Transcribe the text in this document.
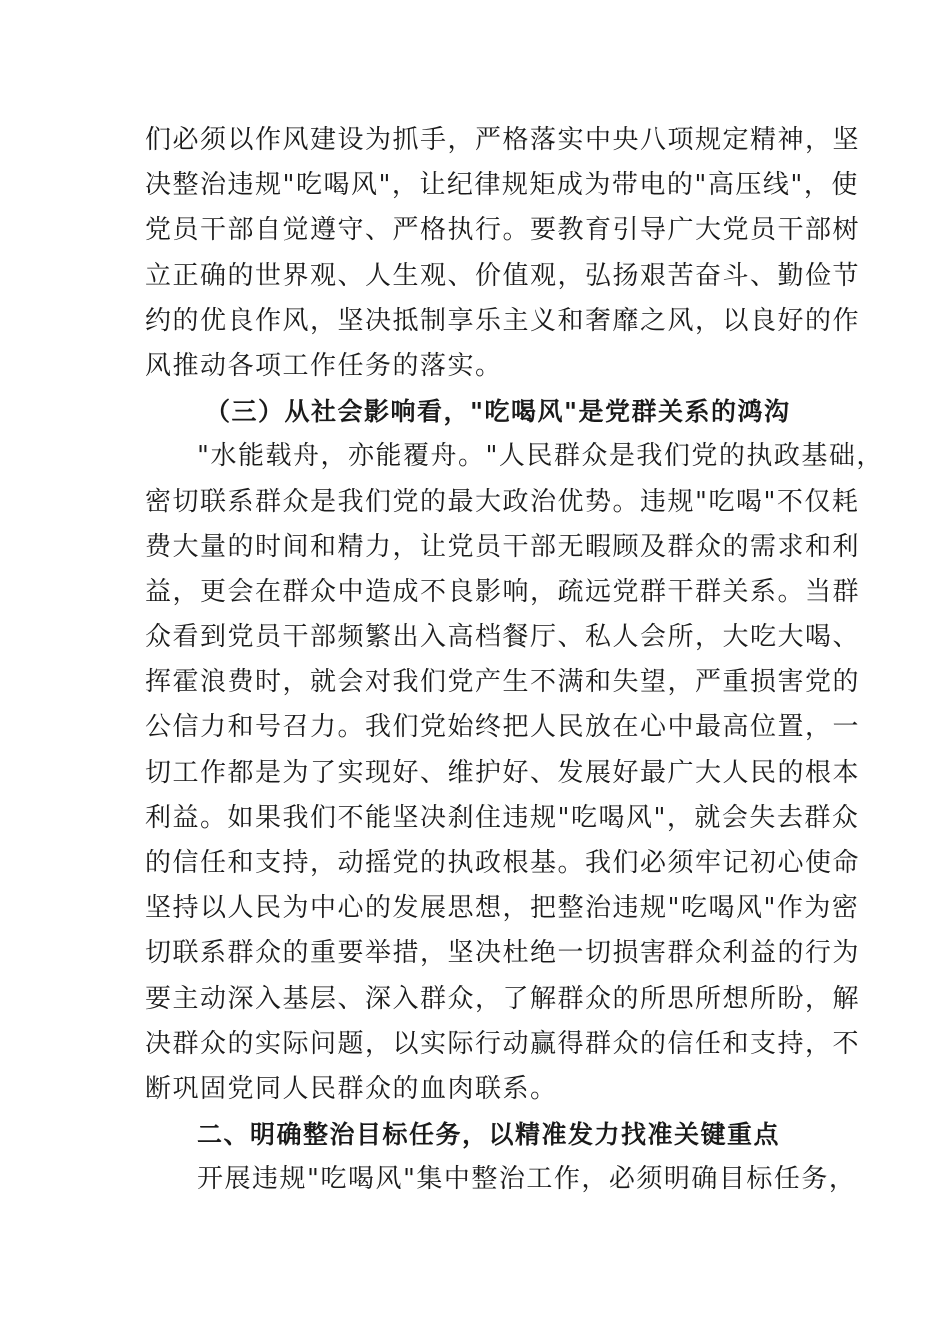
们必须以作风建设为抓手，严格落实中央八项规定精神，坚
决整治违规"吃喝风"，让纪律规矩成为带电的"高压线"，使
党员干部自觉遵守、严格执行。要教育引导广大党员干部树
立正确的世界观、人生观、价值观，弘扬艰苦奋斗、勤俭节
约的优良作风，坚决抵制享乐主义和奢靡之风，以良好的作
风推动各项工作任务的落实。
（三）从社会影响看，"吃喝风"是党群关系的鸿沟
"水能载舟，亦能覆舟。"人民群众是我们党的执政基础，
密切联系群众是我们党的最大政治优势。违规"吃喝"不仅耗
费大量的时间和精力，让党员干部无暇顾及群众的需求和利
益，更会在群众中造成不良影响，疏远党群干群关系。当群
众看到党员干部频繁出入高档餐厅、私人会所，大吃大喝、
挥霍浪费时，就会对我们党产生不满和失望，严重损害党的
公信力和号召力。我们党始终把人民放在心中最高位置，一
切工作都是为了实现好、维护好、发展好最广大人民的根本
利益。如果我们不能坚决刹住违规"吃喝风"，就会失去群众
的信任和支持，动摇党的执政根基。我们必须牢记初心使命
坚持以人民为中心的发展思想，把整治违规"吃喝风"作为密
切联系群众的重要举措，坚决杜绝一切损害群众利益的行为
要主动深入基层、深入群众，了解群众的所思所想所盼，解
决群众的实际问题，以实际行动赢得群众的信任和支持，不
断巩固党同人民群众的血肉联系。
二、明确整治目标任务，以精准发力找准关键重点
开展违规"吃喝风"集中整治工作，必须明确目标任务，
